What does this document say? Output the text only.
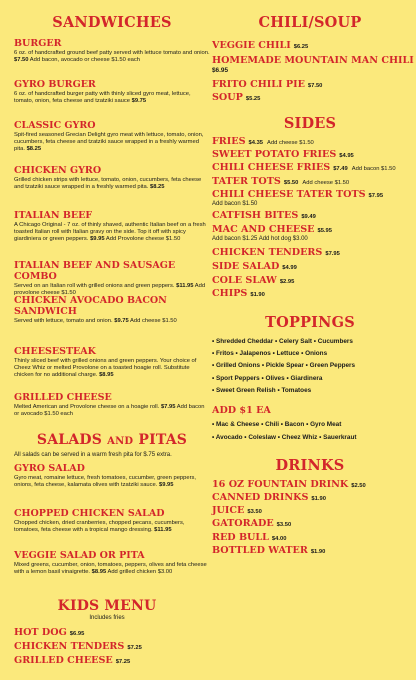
SANDWICHES
BURGER
6 oz. of handcrafted ground beef patty served with lettuce tomato and onion. $7.50 Add bacon, avocado or cheese $1.50 each
GYRO BURGER
6 oz. of handcrafted burger patty with thinly sliced gyro meat, lettuce, tomato, onion, feta cheese and tzatziki sauce $9.75
CLASSIC GYRO
Spit-fired seasoned Grecian Delight gyro meat with lettuce, tomato, onion, cucumbers, feta cheese and tzatziki sauce wrapped in a freshly warmed pita. $8.25
CHICKEN GYRO
Grilled chicken strips with lettuce, tomato, onion, cucumbers, feta cheese and tzatziki sauce wrapped in a freshly warmed pita. $8.25
ITALIAN BEEF
A Chicago Original - 7 oz. of thinly shaved, authentic Italian beef on a fresh toasted Italian roll with Italian gravy on the side. Top it off with spicy giardiniera or green peppers. $9.95 Add Provolone cheese $1.50
ITALIAN BEEF AND SAUSAGE COMBO
Served on an Italian roll with grilled onions and green peppers. $11.95 Add provolone cheese $1.50
CHICKEN AVOCADO BACON SANDWICH
Served with lettuce, tomato and onion. $9.75 Add cheese $1.50
CHEESESTEAK
Thinly sliced beef with grilled onions and green peppers. Your choice of Cheez Whiz or melted Provolone on a toasted hoagie roll. Substitute chicken for no additional charge. $8.95
GRILLED CHEESE
Melted American and Provolone cheese on a hoagie roll. $7.95 Add bacon or avocado $1.50 each
SALADS AND PITAS
All salads can be served in a warm fresh pita for $.75 extra.
GYRO SALAD
Gyro meat, romaine lettuce, fresh tomatoes, cucumber, green peppers, onions, feta cheese, kalamata olives with tzatziki sauce. $9.95
CHOPPED CHICKEN SALAD
Chopped chicken, dried cranberries, chopped pecans, cucumbers, tomatoes, feta cheese with a tropical mango dressing. $11.95
VEGGIE SALAD OR PITA
Mixed greens, cucumber, onion, tomatoes, peppers, olives and feta cheese with a lemon basil vinaigrette. $8.95 Add grilled chicken $3.00
KIDS MENU
Includes fries
HOT DOG $6.95
CHICKEN TENDERS $7.25
GRILLED CHEESE $7.25
CHILI/SOUP
VEGGIE CHILI $6.25
HOMEMADE MOUNTAIN MAN CHILI
$6.95
FRITO CHILI PIE $7.50
SOUP $5.25
SIDES
FRIES $4.35 Add cheese $1.50
SWEET POTATO FRIES $4.95
CHILI CHEESE FRIES $7.49 Add bacon $1.50
TATER TOTS $5.50 Add cheese $1.50
CHILI CHEESE TATER TOTS $7.95
Add bacon $1.50
CATFISH BITES $9.49
MAC AND CHEESE $5.95
Add bacon $1.25 Add hot dog $3.00
CHICKEN TENDERS $7.95
SIDE SALAD $4.99
COLE SLAW $2.95
CHIPS $1.90
TOPPINGS
• Shredded Cheddar • Celery Salt • Cucumbers
• Fritos • Jalapenos • Lettuce • Onions
• Grilled Onions • Pickle Spear • Green Peppers
• Sport Peppers • Olives • Giardinera
• Sweet Green Relish • Tomatoes
ADD $1 EA
• Mac & Cheese • Chili • Bacon • Gyro Meat
• Avocado • Coleslaw • Cheez Whiz • Sauerkraut
DRINKS
16 OZ FOUNTAIN DRINK $2.50
CANNED DRINKS $1.90
JUICE $3.50
GATORADE $3.50
RED BULL $4.00
BOTTLED WATER $1.90
